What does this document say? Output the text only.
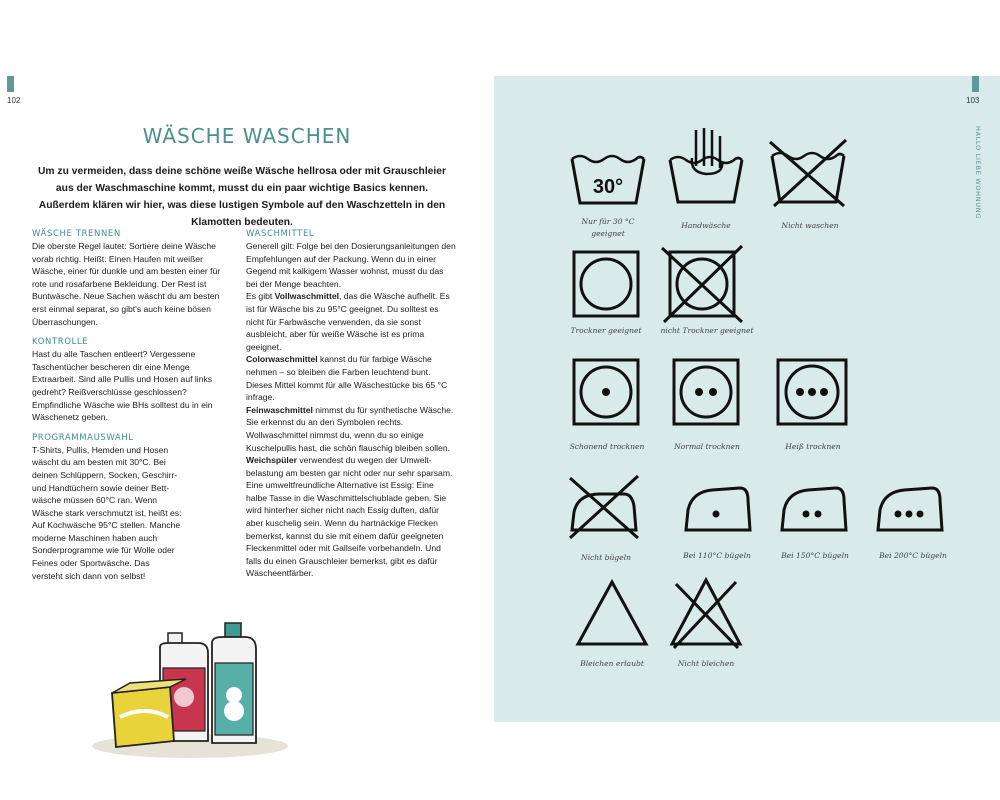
102
WÄSCHE WASCHEN

Um zu vermeiden, dass deine schöne weiße Wäsche hellrosa oder mit Grauschleier aus der Waschmaschine kommt, musst du ein paar wichtige Basics kennen. Außerdem klären wir hier, was diese lustigen Symbole auf den Waschzetteln in den Klamotten bedeuten.

WÄSCHE TRENNEN

Die oberste Regel lautet: Sortiere deine Wäsche vorab richtig. Heißt: Einen Haufen mit weißer Wäsche, einer für dunkle und am besten einer für rote und rosafarbene Bekleidung. Der Rest ist Buntwäsche. Neue Sachen wäscht du am besten erst einmal separat, so gibt's auch keine bösen Überraschungen.

KONTROLLE

Hast du alle Taschen entleert? Vergessene Taschentücher bescheren dir eine Menge Extraarbeit. Sind alle Pullis und Hosen auf links gedreht? Reißverschlüsse geschlossen? Empfindliche Wäsche wie BHs solltest du in ein Wäschenetz geben.

PROGRAMMAUSWAHL

T-Shirts, Pullis, Hemden und Hosen wäscht du am besten mit 30°C. Bei deinen Schlüppern, Socken, Geschirr- und Handtüchern sowie deiner Bettwäsche müssen 60°C ran. Wenn Wäsche stark verschmutzt ist, heißt es: Auf Kochwäsche 95°C stellen. Manche moderne Maschinen haben auch Sonderprogramme wie für Wolle oder Feines oder Sportwäsche. Das versteht sich dann von selbst!

WASCHMITTEL

Generell gilt: Folge bei den Dosierungsanleitungen den Empfehlungen auf der Packung. Wenn du in einer Gegend mit kalkigem Wasser wohnst, musst du das bei der Menge beachten.

Es gibt Vollwaschmittel, das die Wäsche aufhellt. Es ist für Wäsche bis zu 95°C geeignet. Du solltest es nicht für Farbwäsche verwenden, da sie sonst ausbleicht, aber für weiße Wäsche ist es prima geeignet.

Colorwaschmittel kannst du für farbige Wäsche nehmen – so bleiben die Farben leuchtend bunt. Dieses Mittel kommt für alle Wäschestücke bis 65 °C infrage.

Feinwaschmittel nimmst du für synthetische Wäsche. Sie erkennst du an den Symbolen rechts. Wollwaschmittel nimmst du, wenn du so einige Kuschelpullis hast, die schön flauschig bleiben sollen.

Weichspüler verwendest du wegen der Umweltbelastung am besten gar nicht oder nur sehr sparsam. Eine umweltfreundliche Alternative ist Essig: Eine halbe Tasse in die Waschmittelschublade geben. Sie wird hinterher sicher nicht nach Essig duften, dafür aber kuschelig sein. Wenn du hartnäckige Flecken bemerkst, kannst du sie mit einem dafür geeigneten Fleckenmittel oder mit Gallseife vorbehandeln. Und falls du einen Grauschleier bemerkst, gibt es dafür Wäscheentfärber.

103
HALLO LIEBE WOHNUNG
30°
Nur für 30 °C geeignet
Handwäsche	Nicht waschen
Trockner geeignet	nicht Trockner geeignet
Schonend trocknen	Normal trocknen	Heiß trocknen
Nicht bügeln	Bei 110°C bügeln	Bei 150°C bügeln	Bei 200°C bügeln
Bleichen erlaubt	Nicht bleichen
